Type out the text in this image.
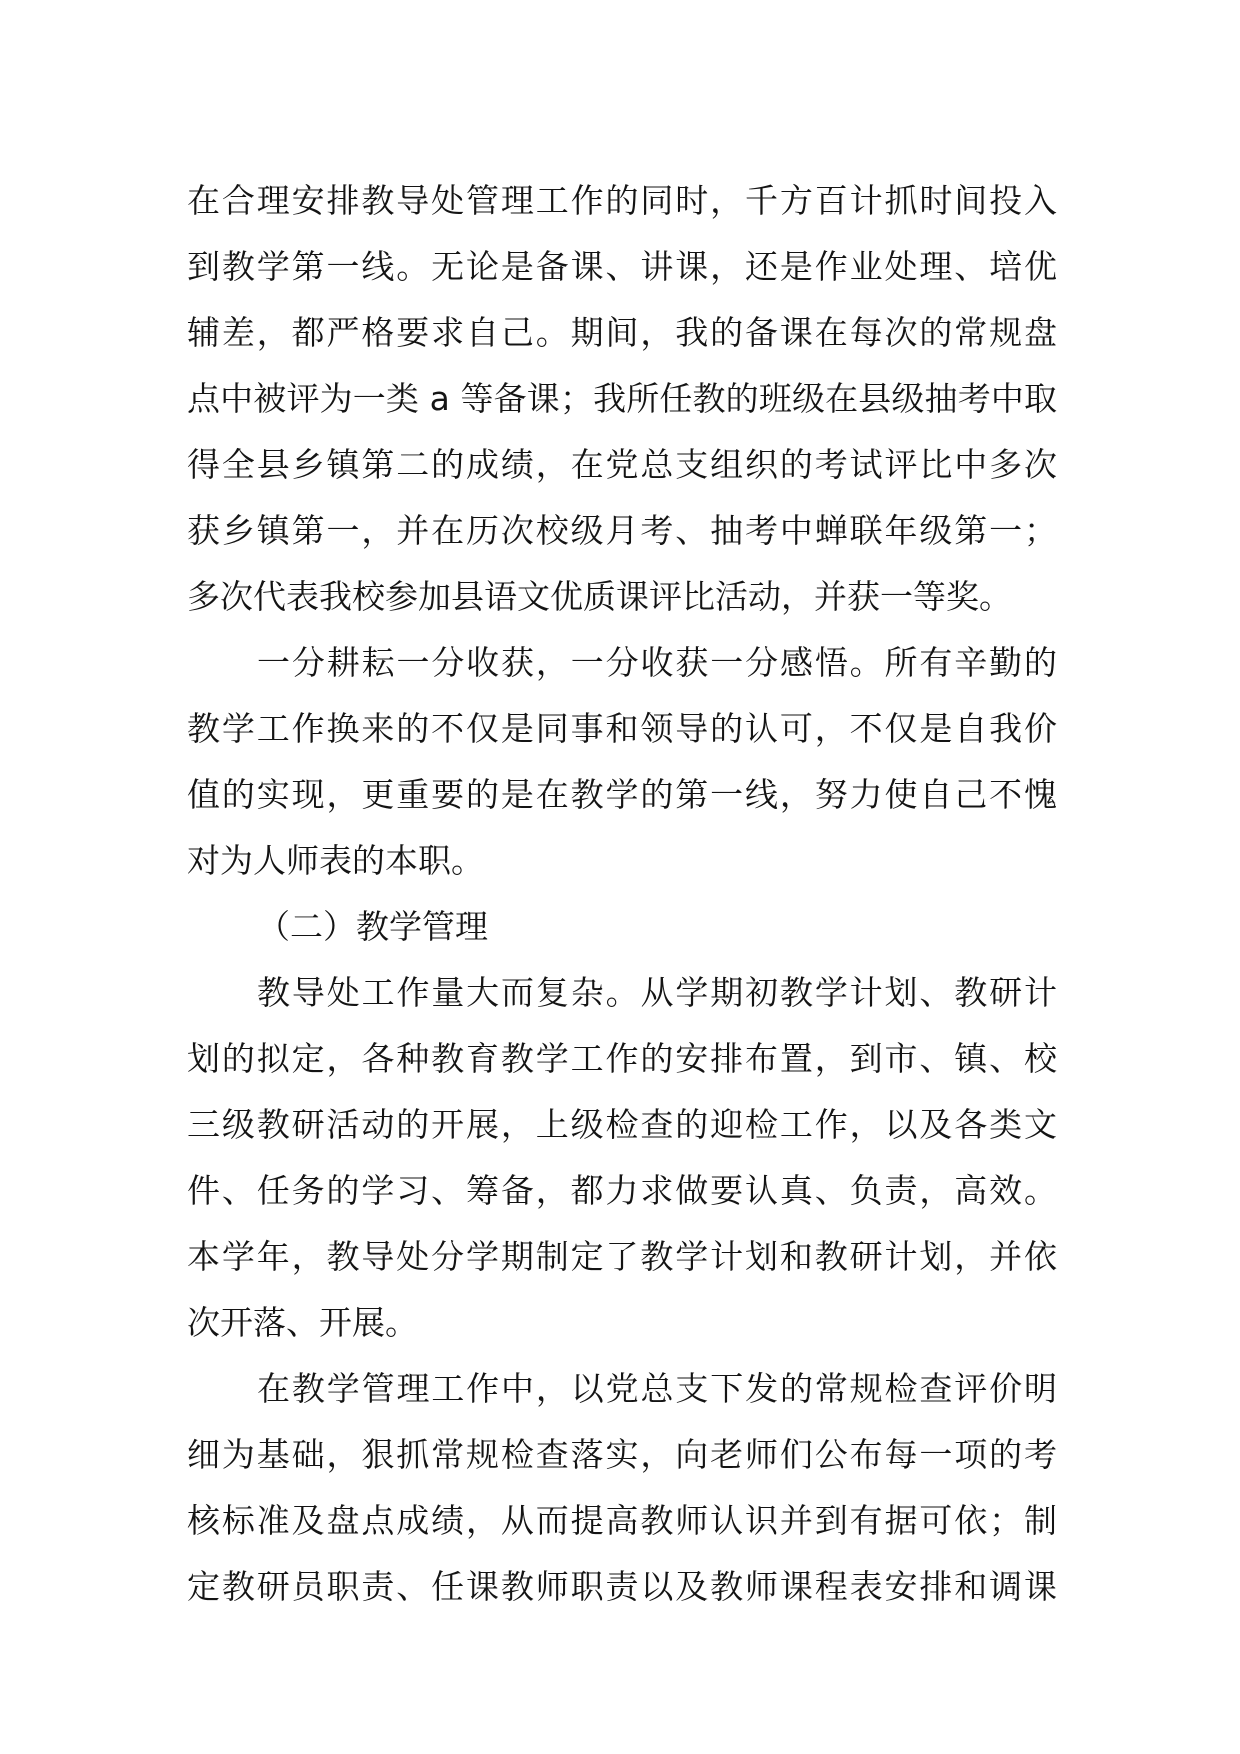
在合理安排教导处管理工作的同时，千方百计抓时间投入
到教学第一线。无论是备课、讲课，还是作业处理、培优
辅差，都严格要求自己。期间，我的备课在每次的常规盘
点中被评为一类 a 等备课；我所任教的班级在县级抽考中取
得全县乡镇第二的成绩，在党总支组织的考试评比中多次
获乡镇第一，并在历次校级月考、抽考中蝉联年级第一；
多次代表我校参加县语文优质课评比活动，并获一等奖。
一分耕耘一分收获，一分收获一分感悟。所有辛勤的
教学工作换来的不仅是同事和领导的认可，不仅是自我价
值的实现，更重要的是在教学的第一线，努力使自己不愧
对为人师表的本职。
（二）教学管理
教导处工作量大而复杂。从学期初教学计划、教研计
划的拟定，各种教育教学工作的安排布置，到市、镇、校
三级教研活动的开展，上级检查的迎检工作，以及各类文
件、任务的学习、筹备，都力求做要认真、负责，高效。
本学年，教导处分学期制定了教学计划和教研计划，并依
次开落、开展。
在教学管理工作中，以党总支下发的常规检查评价明
细为基础，狠抓常规检查落实，向老师们公布每一项的考
核标准及盘点成绩，从而提高教师认识并到有据可依；制
定教研员职责、任课教师职责以及教师课程表安排和调课
